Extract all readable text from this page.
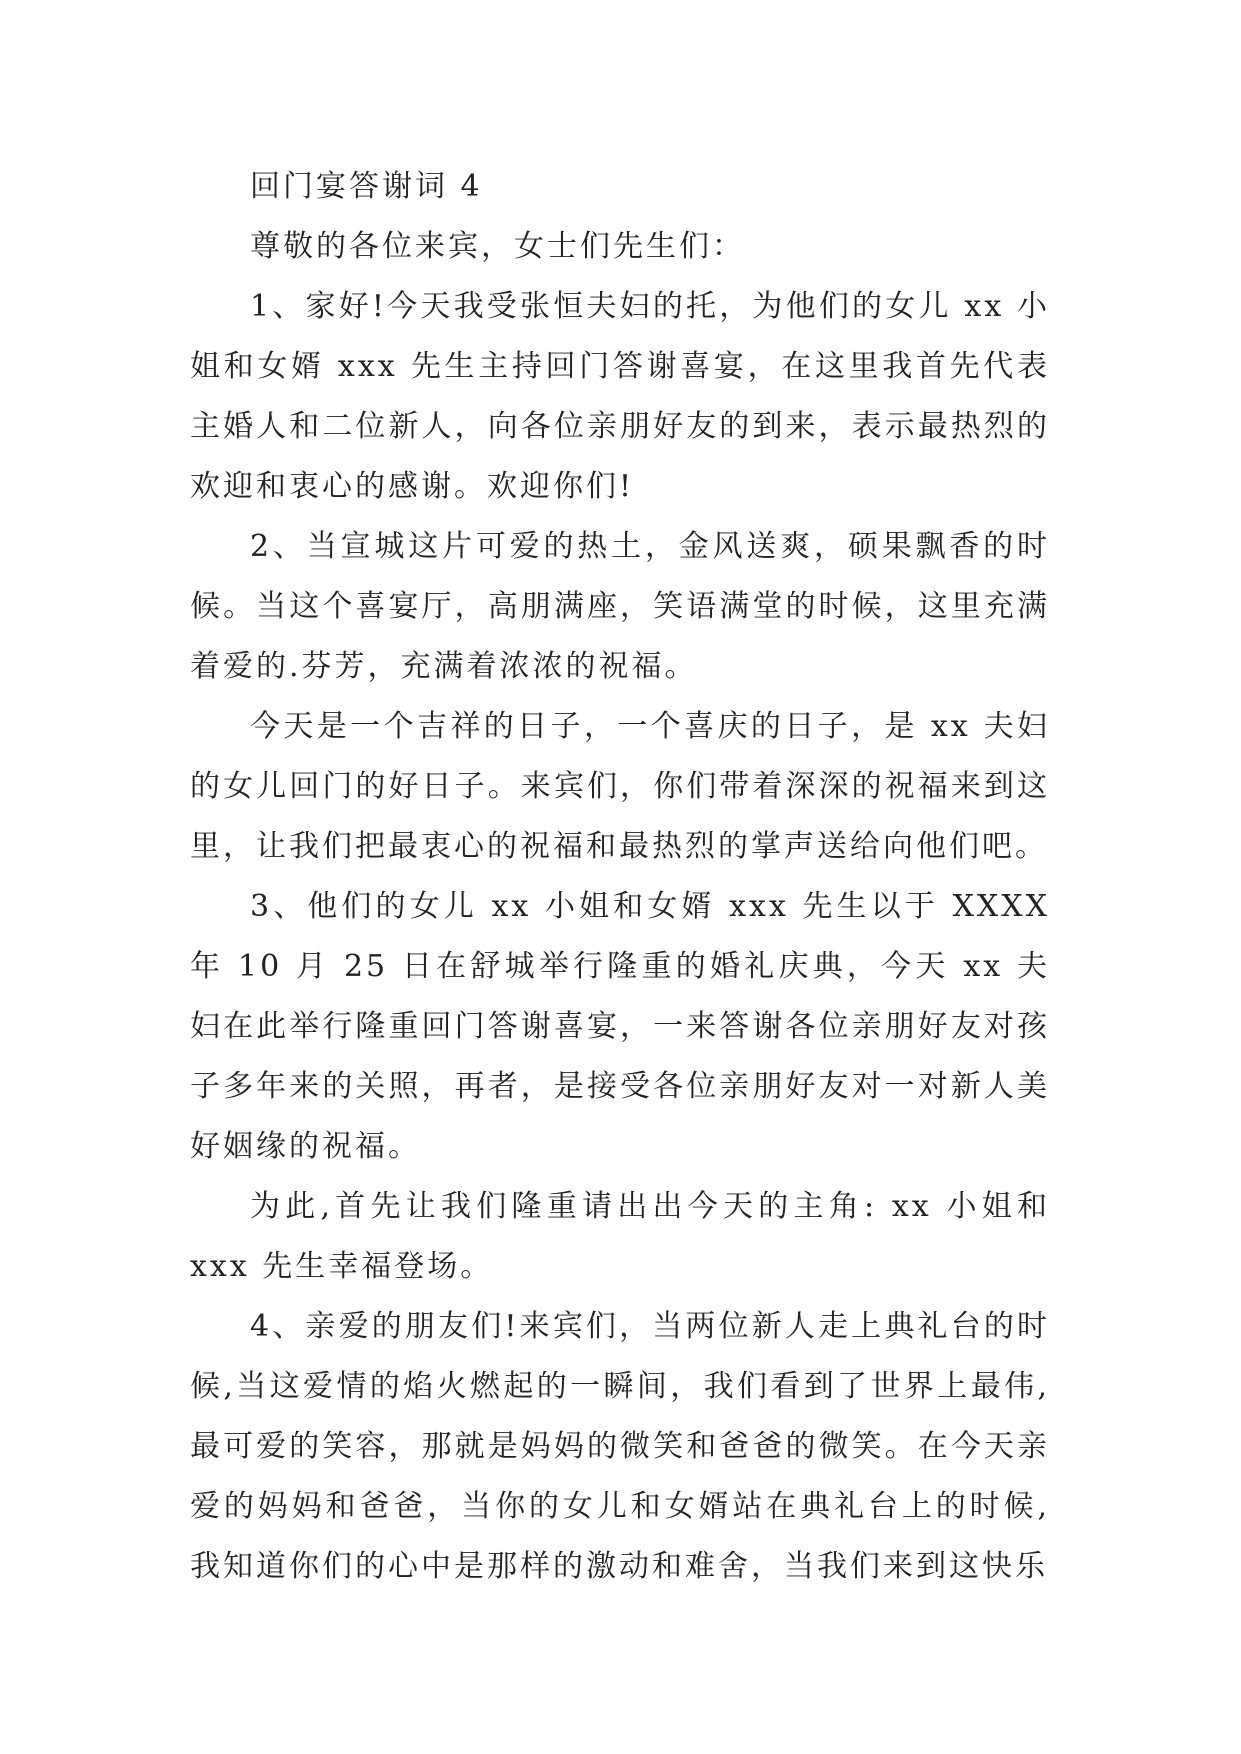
回门宴答谢词 4

尊敬的各位来宾，女士们先生们：

1、家好!今天我受张恒夫妇的托，为他们的女儿 xx 小姐和女婿 xxx 先生主持回门答谢喜宴，在这里我首先代表主婚人和二位新人，向各位亲朋好友的到来，表示最热烈的欢迎和衷心的感谢。欢迎你们!

2、当宣城这片可爱的热土，金风送爽，硕果飘香的时候。当这个喜宴厅，高朋满座，笑语满堂的时候，这里充满着爱的.芬芳，充满着浓浓的祝福。

今天是一个吉祥的日子，一个喜庆的日子，是 xx 夫妇的女儿回门的好日子。来宾们，你们带着深深的祝福来到这里，让我们把最衷心的祝福和最热烈的掌声送给向他们吧。

3、他们的女儿 xx 小姐和女婿 xxx 先生以于 XXXX 年 10 月 25 日在舒城举行隆重的婚礼庆典，今天 xx 夫妇在此举行隆重回门答谢喜宴，一来答谢各位亲朋好友对孩子多年来的关照，再者，是接受各位亲朋好友对一对新人美好姻缘的祝福。

为此,首先让我们隆重请出出今天的主角: xx 小姐和 xxx 先生幸福登场。

4、亲爱的朋友们!来宾们，当两位新人走上典礼台的时候,当这爱情的焰火燃起的一瞬间，我们看到了世界上最伟,最可爱的笑容，那就是妈妈的微笑和爸爸的微笑。在今天亲爱的妈妈和爸爸，当你的女儿和女婿站在典礼台上的时候,我知道你们的心中是那样的激动和难舍，当我们来到这快乐
